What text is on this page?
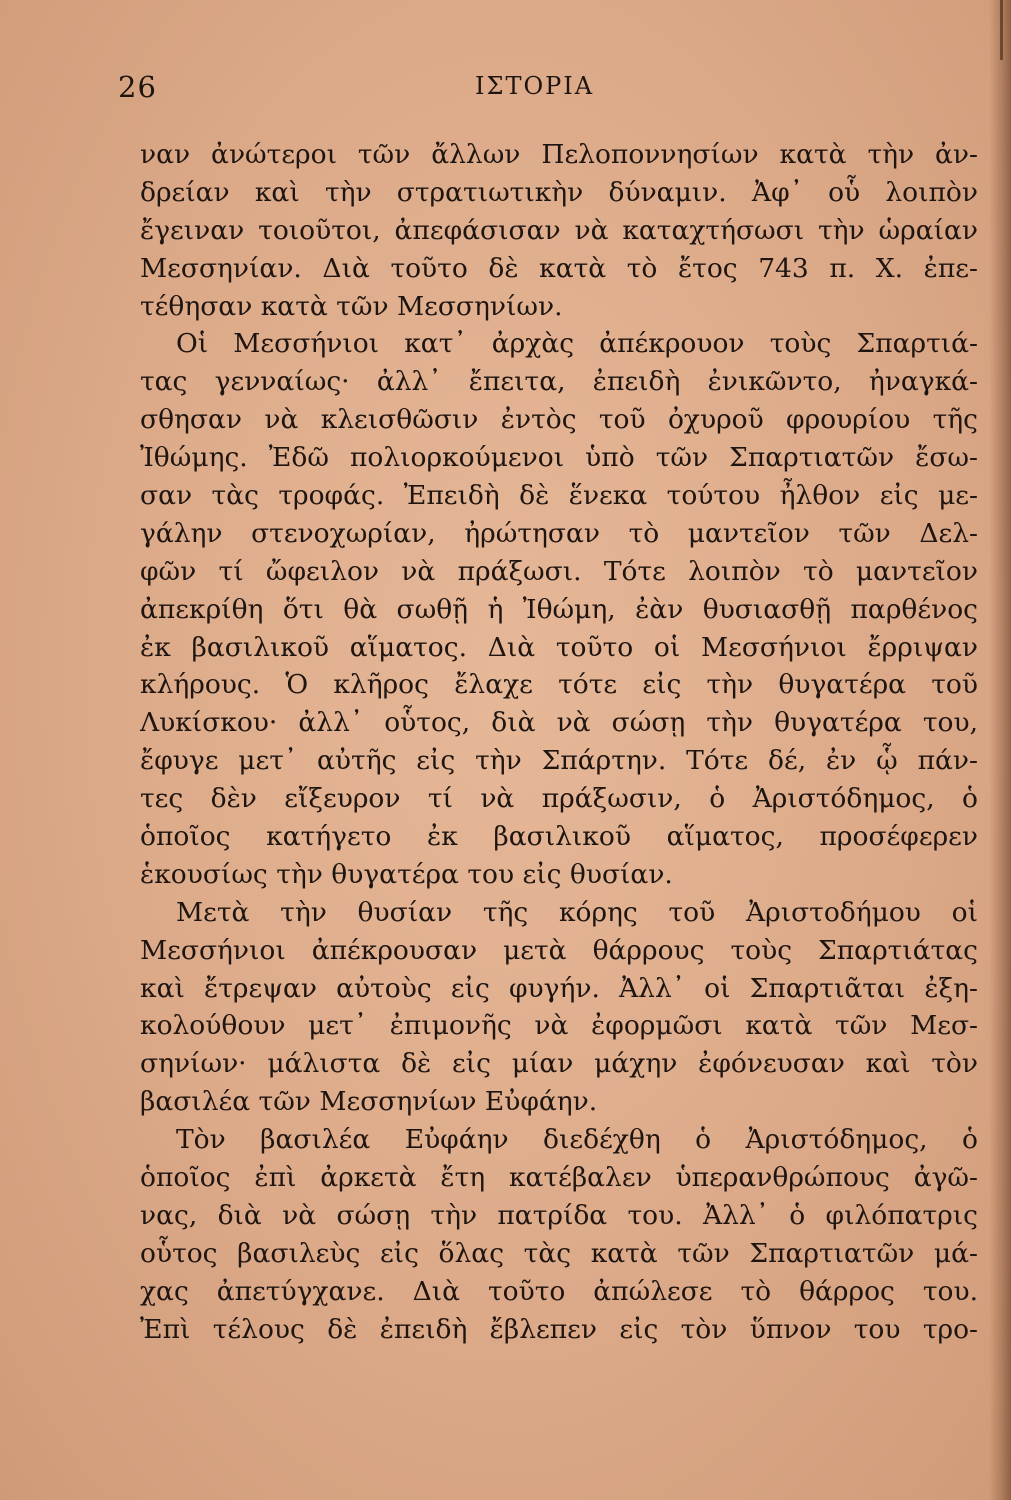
26	ΙΣΤΟΡΙΑ
ναν ἀνώτεροι τῶν ἄλλων Πελοποννησίων κατὰ τὴν ἀν-
δρείαν καὶ τὴν στρατιωτικὴν δύναμιν. Ἀφ᾽ οὗ λοιπὸν
ἔγειναν τοιοῦτοι, ἀπεφάσισαν νὰ καταχτήσωσι τὴν ὡραίαν
Μεσσηνίαν. Διὰ τοῦτο δὲ κατὰ τὸ ἔτος 743 π. Χ. ἐπε-
τέθησαν κατὰ τῶν Μεσσηνίων.
Οἱ Μεσσήνιοι κατ᾽ ἀρχὰς ἀπέκρουον τοὺς Σπαρτιά-
τας γενναίως· ἀλλ᾽ ἔπειτα, ἐπειδὴ ἐνικῶντο, ἠναγκά-
σθησαν νὰ κλεισθῶσιν ἐντὸς τοῦ ὀχυροῦ φρουρίου τῆς
Ἰθώμης. Ἐδῶ πολιορκούμενοι ὑπὸ τῶν Σπαρτιατῶν ἔσω-
σαν τὰς τροφάς. Ἐπειδὴ δὲ ἕνεκα τούτου ἦλθον εἰς με-
γάλην στενοχωρίαν, ἠρώτησαν τὸ μαντεῖον τῶν Δελ-
φῶν τί ὤφειλον νὰ πράξωσι. Τότε λοιπὸν τὸ μαντεῖον
ἀπεκρίθη ὅτι θὰ σωθῇ ἡ Ἰθώμη, ἐὰν θυσιασθῇ παρθένος
ἐκ βασιλικοῦ αἵματος. Διὰ τοῦτο οἱ Μεσσήνιοι ἔρριψαν
κλήρους. Ὁ κλῆρος ἔλαχε τότε εἰς τὴν θυγατέρα τοῦ
Λυκίσκου· ἀλλ᾽ οὗτος, διὰ νὰ σώσῃ τὴν θυγατέρα του,
ἔφυγε μετ᾽ αὐτῆς εἰς τὴν Σπάρτην. Τότε δέ, ἐν ᾧ πάν-
τες δὲν εἴξευρον τί νὰ πράξωσιν, ὁ Ἀριστόδημος, ὁ
ὁποῖος κατήγετο ἐκ βασιλικοῦ αἵματος, προσέφερεν
ἑκουσίως τὴν θυγατέρα του εἰς θυσίαν.
Μετὰ τὴν θυσίαν τῆς κόρης τοῦ Ἀριστοδήμου οἱ
Μεσσήνιοι ἀπέκρουσαν μετὰ θάρρους τοὺς Σπαρτιάτας
καὶ ἔτρεψαν αὐτοὺς εἰς φυγήν. Ἀλλ᾽ οἱ Σπαρτιᾶται ἐξη-
κολούθουν μετ᾽ ἐπιμονῆς νὰ ἐφορμῶσι κατὰ τῶν Μεσ-
σηνίων· μάλιστα δὲ εἰς μίαν μάχην ἐφόνευσαν καὶ τὸν
βασιλέα τῶν Μεσσηνίων Εὐφάην.
Τὸν βασιλέα Εὐφάην διεδέχθη ὁ Ἀριστόδημος, ὁ
ὁποῖος ἐπὶ ἀρκετὰ ἔτη κατέβαλεν ὑπερανθρώπους ἀγῶ-
νας, διὰ νὰ σώσῃ τὴν πατρίδα του. Ἀλλ᾽ ὁ φιλόπατρις
οὗτος βασιλεὺς εἰς ὅλας τὰς κατὰ τῶν Σπαρτιατῶν μά-
χας ἀπετύγχανε. Διὰ τοῦτο ἀπώλεσε τὸ θάρρος του.
Ἐπὶ τέλους δὲ ἐπειδὴ ἔβλεπεν εἰς τὸν ὕπνον του τρο-
